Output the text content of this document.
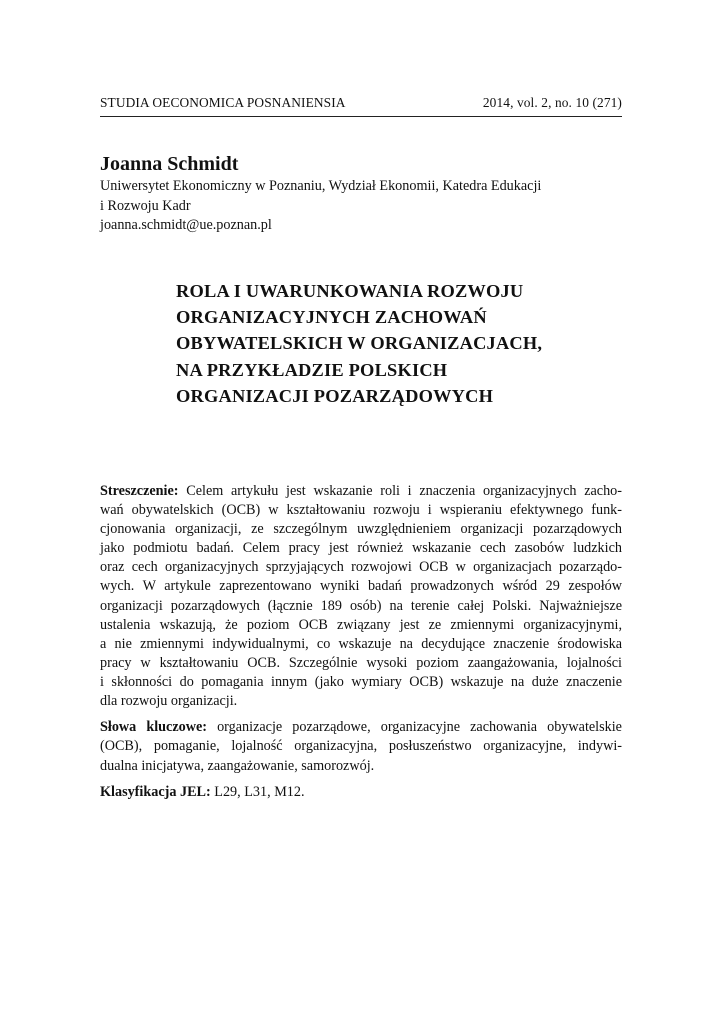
STUDIA OECONOMICA POSNANIENSIA	2014, vol. 2, no. 10 (271)
Joanna Schmidt
Uniwersytet Ekonomiczny w Poznaniu, Wydział Ekonomii, Katedra Edukacji
i Rozwoju Kadr
joanna.schmidt@ue.poznan.pl
ROLA I UWARUNKOWANIA ROZWOJU
ORGANIZACYJNYCH ZACHOWAŃ
OBYWATELSKICH W ORGANIZACJACH,
NA PRZYKŁADZIE POLSKICH
ORGANIZACJI POZARZĄDOWYCH
Streszczenie: Celem artykułu jest wskazanie roli i znaczenia organizacyjnych zacho-
wań obywatelskich (OCB) w kształtowaniu rozwoju i wspieraniu efektywnego funk-
cjonowania organizacji, ze szczególnym uwzględnieniem organizacji pozarządowych
jako podmiotu badań. Celem pracy jest również wskazanie cech zasobów ludzkich
oraz cech organizacyjnych sprzyjających rozwojowi OCB w organizacjach pozarządo-
wych. W artykule zaprezentowano wyniki badań prowadzonych wśród 29 zespołów
organizacji pozarządowych (łącznie 189 osób) na terenie całej Polski. Najważniejsze
ustalenia wskazują, że poziom OCB związany jest ze zmiennymi organizacyjnymi,
a nie zmiennymi indywidualnymi, co wskazuje na decydujące znaczenie środowiska
pracy w kształtowaniu OCB. Szczególnie wysoki poziom zaangażowania, lojalności
i skłonności do pomagania innym (jako wymiary OCB) wskazuje na duże znaczenie
dla rozwoju organizacji.
Słowa kluczowe: organizacje pozarządowe, organizacyjne zachowania obywatelskie
(OCB), pomaganie, lojalność organizacyjna, posłuszeństwo organizacyjne, indywi-
dualna inicjatywa, zaangażowanie, samorozwój.
Klasyfikacja JEL: L29, L31, M12.
